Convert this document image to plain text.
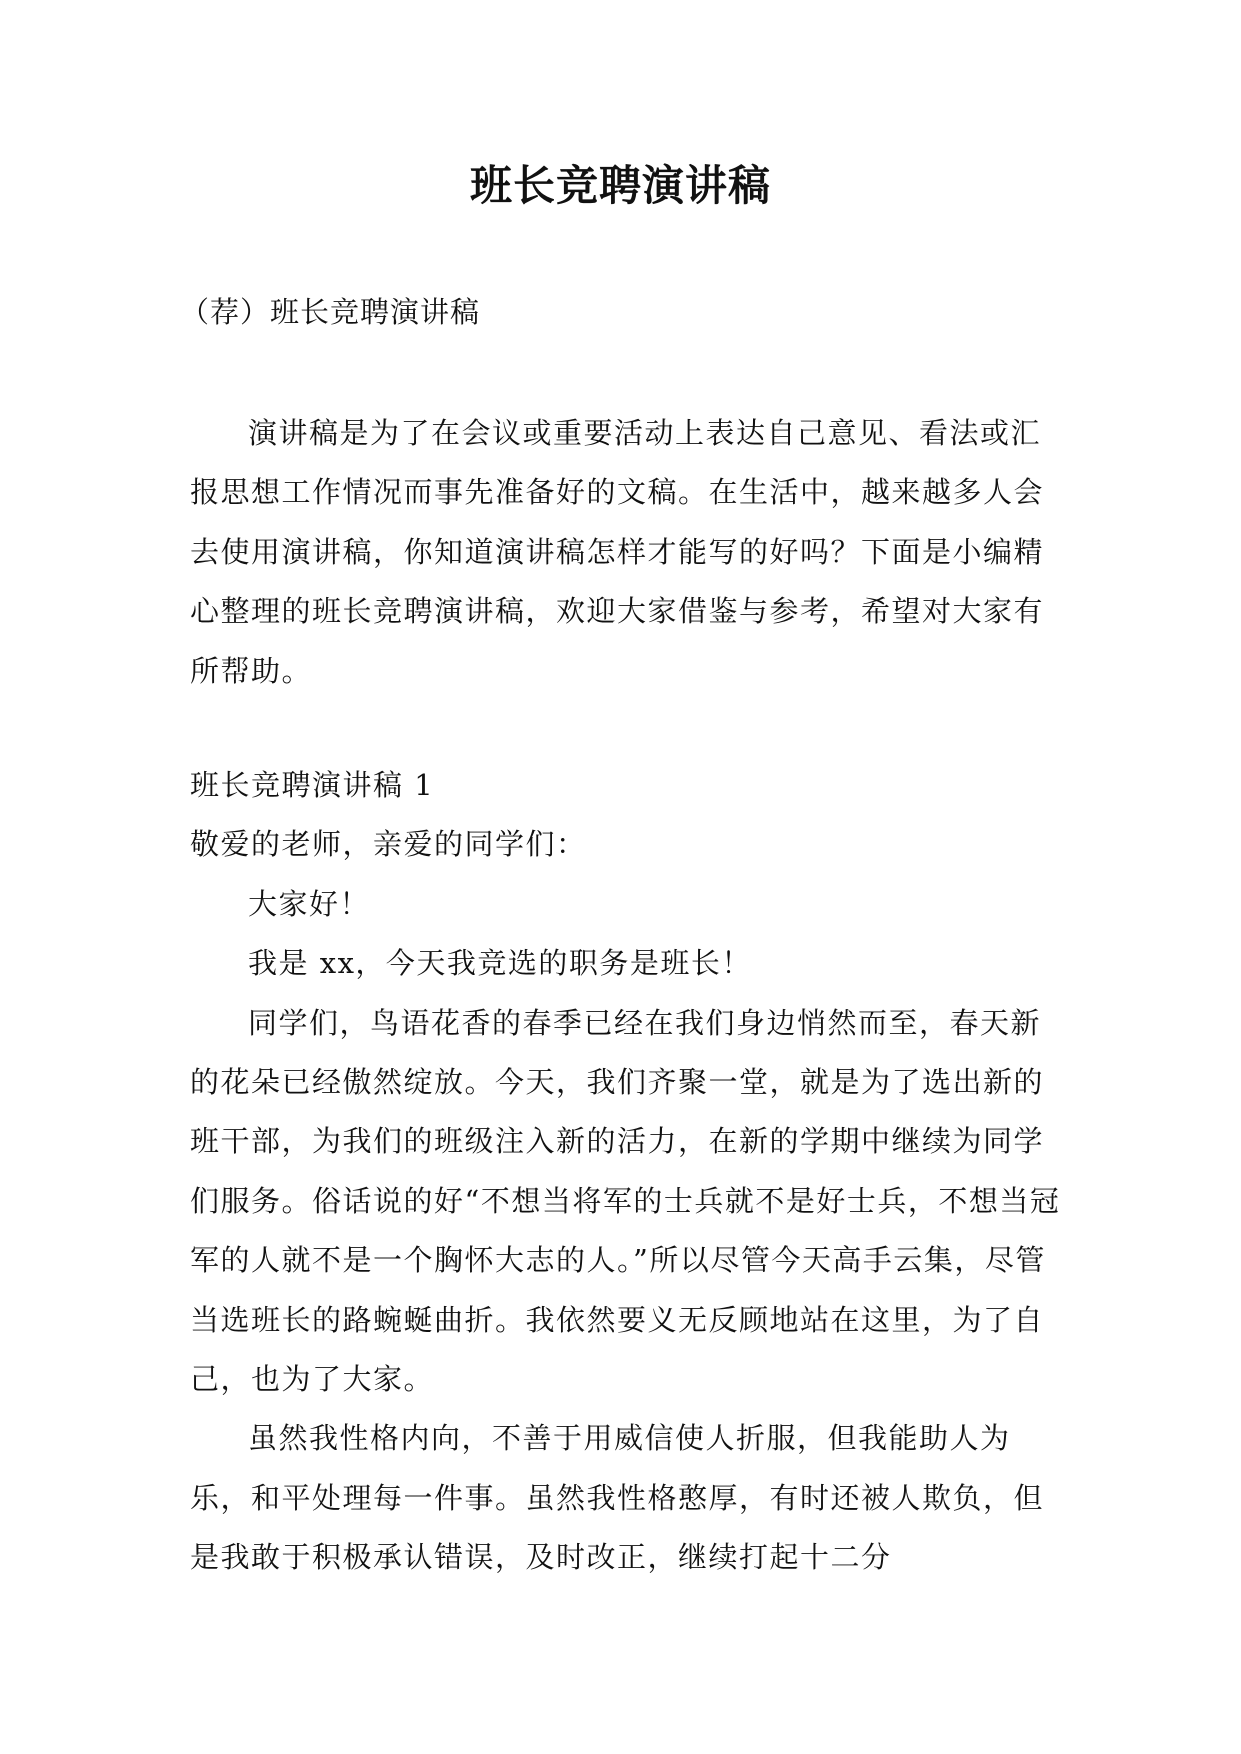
班长竞聘演讲稿
（荐）班长竞聘演讲稿

演讲稿是为了在会议或重要活动上表达自己意见、看法或汇报思想工作情况而事先准备好的文稿。在生活中，越来越多人会去使用演讲稿，你知道演讲稿怎样才能写的好吗？下面是小编精心整理的班长竞聘演讲稿，欢迎大家借鉴与参考，希望对大家有所帮助。

班长竞聘演讲稿 1

敬爱的老师，亲爱的同学们：

大家好！

我是 xx，今天我竞选的职务是班长！

同学们，鸟语花香的春季已经在我们身边悄然而至，春天新的花朵已经傲然绽放。今天，我们齐聚一堂，就是为了选出新的班干部，为我们的班级注入新的活力，在新的学期中继续为同学们服务。俗话说的好“不想当将军的士兵就不是好士兵，不想当冠军的人就不是一个胸怀大志的人。”所以尽管今天高手云集，尽管当选班长的路蜿蜒曲折。我依然要义无反顾地站在这里，为了自己，也为了大家。

虽然我性格内向，不善于用威信使人折服，但我能助人为乐，和平处理每一件事。虽然我性格憨厚，有时还被人欺负，但是我敢于积极承认错误，及时改正，继续打起十二分
